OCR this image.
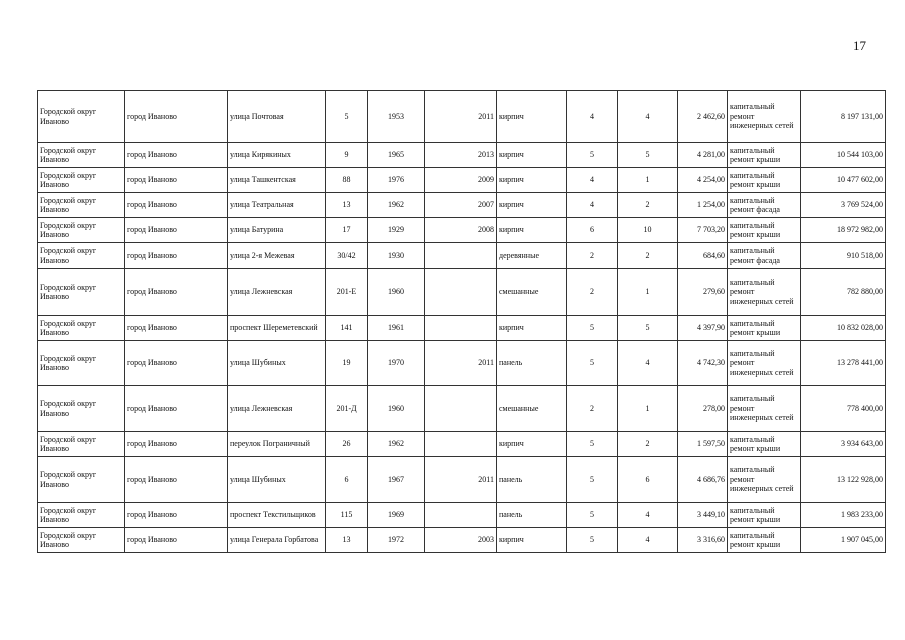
17
Городской округ Иваново	город Иваново	улица Почтовая	5	1953	2011	кирпич	4	4	2 462,60	капитальный ремонт инженерных сетей	8 197 131,00
Городской округ Иваново	город Иваново	улица Кирякиных	9	1965	2013	кирпич	5	5	4 281,00	капитальный ремонт крыши	10 544 103,00
Городской округ Иваново	город Иваново	улица Ташкентская	88	1976	2009	кирпич	4	1	4 254,00	капитальный ремонт крыши	10 477 602,00
Городской округ Иваново	город Иваново	улица Театральная	13	1962	2007	кирпич	4	2	1 254,00	капитальный ремонт фасада	3 769 524,00
Городской округ Иваново	город Иваново	улица Батурина	17	1929	2008	кирпич	6	10	7 703,20	капитальный ремонт крыши	18 972 982,00
Городской округ Иваново	город Иваново	улица 2-я Межевая	30/42	1930		деревянные	2	2	684,60	капитальный ремонт фасада	910 518,00
Городской округ Иваново	город Иваново	улица Лежневская	201-Е	1960		смешанные	2	1	279,60	капитальный ремонт инженерных сетей	782 880,00
Городской округ Иваново	город Иваново	проспект Шереметевский	141	1961		кирпич	5	5	4 397,90	капитальный ремонт крыши	10 832 028,00
Городской округ Иваново	город Иваново	улица Шубиных	19	1970	2011	панель	5	4	4 742,30	капитальный ремонт инженерных сетей	13 278 441,00
Городской округ Иваново	город Иваново	улица Лежневская	201-Д	1960		смешанные	2	1	278,00	капитальный ремонт инженерных сетей	778 400,00
Городской округ Иваново	город Иваново	переулок Пограничный	26	1962		кирпич	5	2	1 597,50	капитальный ремонт крыши	3 934 643,00
Городской округ Иваново	город Иваново	улица Шубиных	6	1967	2011	панель	5	6	4 686,76	капитальный ремонт инженерных сетей	13 122 928,00
Городской округ Иваново	город Иваново	проспект Текстильщиков	115	1969		панель	5	4	3 449,10	капитальный ремонт крыши	1 983 233,00
Городской округ Иваново	город Иваново	улица Генерала Горбатова	13	1972	2003	кирпич	5	4	3 316,60	капитальный ремонт крыши	1 907 045,00
